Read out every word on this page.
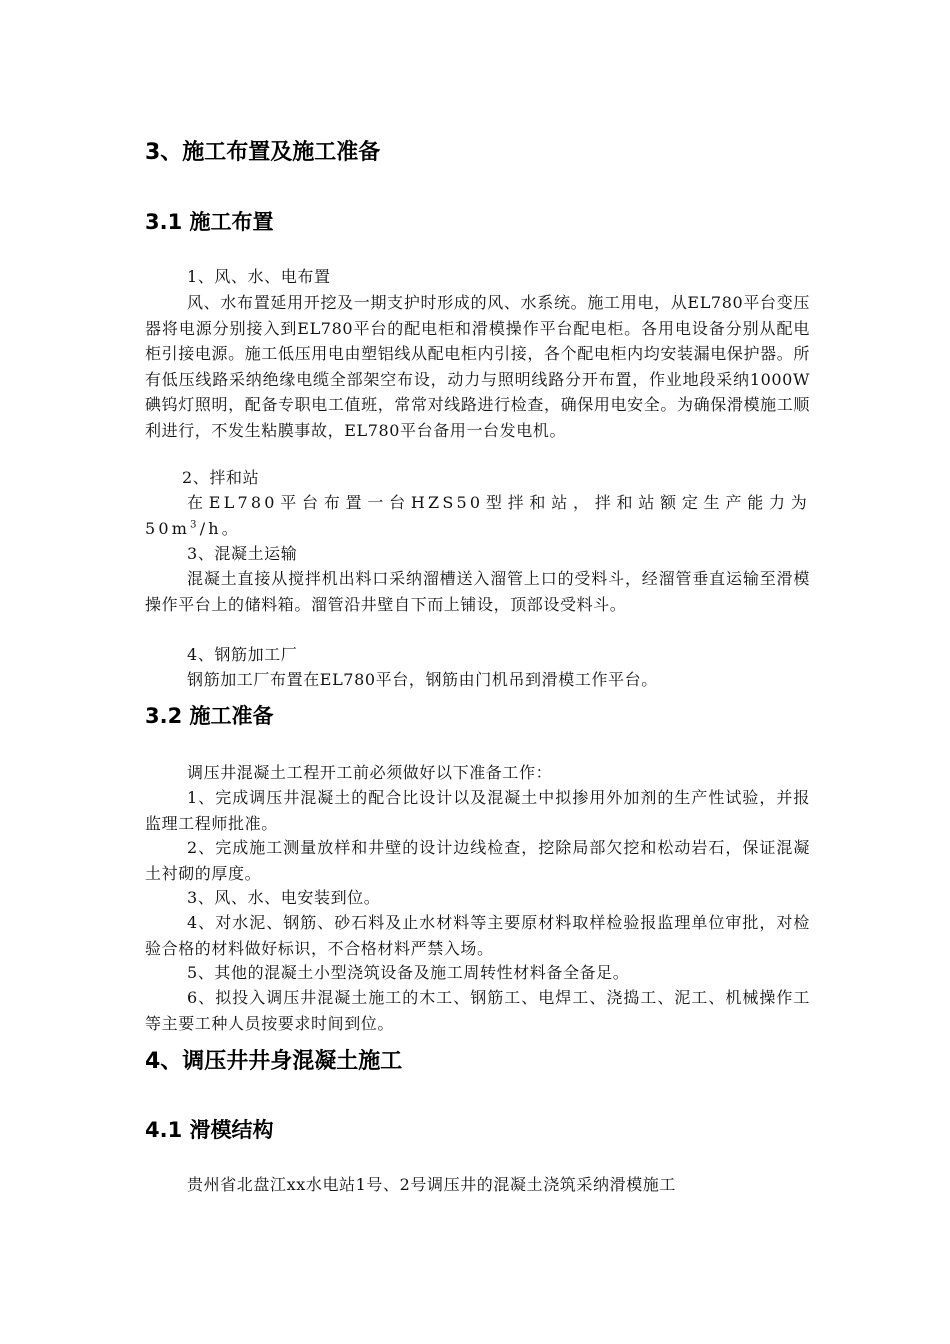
3、施工布置及施工准备
3.1 施工布置

1、风、水、电布置

风、水布置延用开挖及一期支护时形成的风、水系统。施工用电，从EL780平台变压器将电源分别接入到EL780平台的配电柜和滑模操作平台配电柜。各用电设备分别从配电柜引接电源。施工低压用电由塑铝线从配电柜内引接，各个配电柜内均安装漏电保护器。所有低压线路采纳绝缘电缆全部架空布设，动力与照明线路分开布置，作业地段采纳1000W碘钨灯照明，配备专职电工值班，常常对线路进行检查，确保用电安全。为确保滑模施工顺利进行，不发生粘膜事故，EL780平台备用一台发电机。

2、拌和站

在EL780平台布置一台HZS50型拌和站，拌和站额定生产能力为$50m^3/h$。

3、混凝土运输

混凝土直接从搅拌机出料口采纳溜槽送入溜管上口的受料斗，经溜管垂直运输至滑模操作平台上的储料箱。溜管沿井壁自下而上铺设，顶部设受料斗。

4、钢筋加工厂

钢筋加工厂布置在EL780平台，钢筋由门机吊到滑模工作平台。

3.2 施工准备

调压井混凝土工程开工前必须做好以下准备工作：

1、完成调压井混凝土的配合比设计以及混凝土中拟掺用外加剂的生产性试验，并报监理工程师批准。

2、完成施工测量放样和井壁的设计边线检查，挖除局部欠挖和松动岩石，保证混凝土衬砌的厚度。

3、风、水、电安装到位。

4、对水泥、钢筋、砂石料及止水材料等主要原材料取样检验报监理单位审批，对检验合格的材料做好标识，不合格材料严禁入场。

5、其他的混凝土小型浇筑设备及施工周转性材料备全备足。

6、拟投入调压井混凝土施工的木工、钢筋工、电焊工、浇捣工、泥工、机械操作工等主要工种人员按要求时间到位。

4、调压井井身混凝土施工
4.1 滑模结构

贵州省北盘江xx水电站1号、2号调压井的混凝土浇筑采纳滑模施工
